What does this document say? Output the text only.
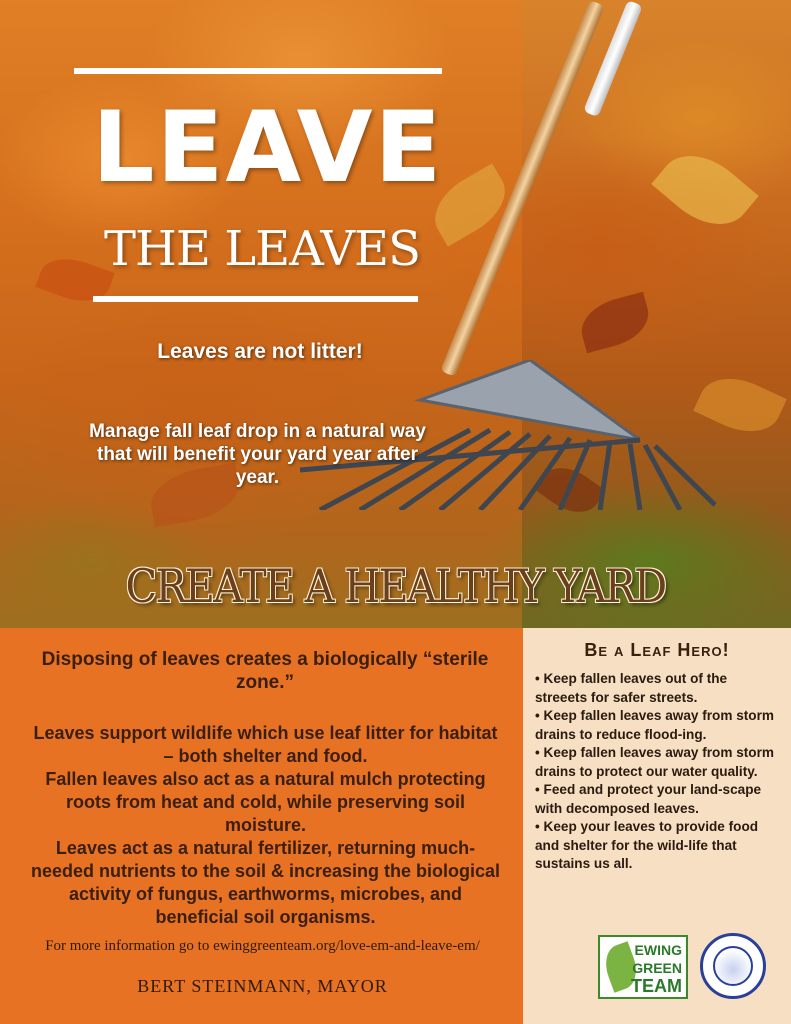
LEAVE
THE LEAVES
Leaves are not litter!
Manage fall leaf drop in a natural way that will benefit your yard year after year.
CREATE A HEALTHY YARD
Disposing of leaves creates a biologically “sterile zone.”
Leaves support wildlife which use leaf litter for habitat – both shelter and food.
Fallen leaves also act as a natural mulch protecting roots from heat and cold, while preserving soil moisture.
Leaves act as a natural fertilizer, returning much-needed nutrients to the soil & increasing the biological activity of fungus, earthworms, microbes, and beneficial soil organisms.
For more information go to ewinggreenteam.org/love-em-and-leave-em/
BERT STEINMANN, MAYOR
Be a Leaf Hero!
• Keep fallen leaves out of the streeets for safer streets.
• Keep fallen leaves away from storm drains to reduce flood-ing.
• Keep fallen leaves away from storm drains to protect our water quality.
• Feed and protect your land-scape with decomposed leaves.
• Keep your leaves to provide food and shelter for the wild-life that sustains us all.
EWING
GREEN
TEAM
